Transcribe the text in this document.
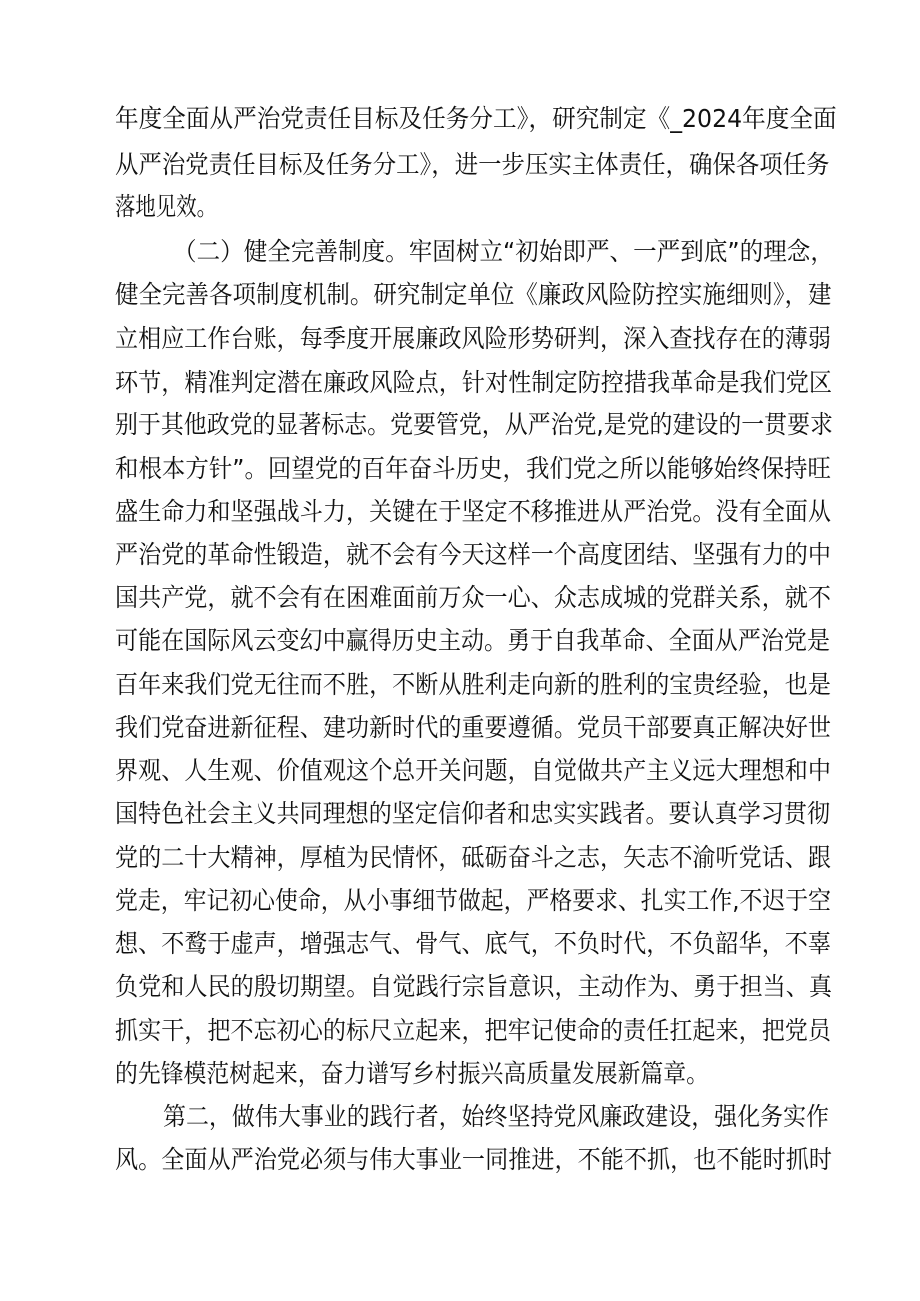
年度全面从严治党责任目标及任务分工》，研究制定《_2024年度全面

从严治党责任目标及任务分工》，进一步压实主体责任，确保各项任务

落地见效。

（二）健全完善制度。牢固树立“初始即严、一严到底”的理念，

健全完善各项制度机制。研究制定单位《廉政风险防控实施细则》，建

立相应工作台账，每季度开展廉政风险形势研判，深入查找存在的薄弱

环节，精准判定潜在廉政风险点，针对性制定防控措我革命是我们党区

别于其他政党的显著标志。党要管党，从严治党,是党的建设的一贯要求

和根本方针”。回望党的百年奋斗历史，我们党之所以能够始终保持旺

盛生命力和坚强战斗力，关键在于坚定不移推进从严治党。没有全面从

严治党的革命性锻造，就不会有今天这样一个高度团结、坚强有力的中

国共产党，就不会有在困难面前万众一心、众志成城的党群关系，就不

可能在国际风云变幻中赢得历史主动。勇于自我革命、全面从严治党是

百年来我们党无往而不胜，不断从胜利走向新的胜利的宝贵经验，也是

我们党奋进新征程、建功新时代的重要遵循。党员干部要真正解决好世

界观、人生观、价值观这个总开关问题，自觉做共产主义远大理想和中

国特色社会主义共同理想的坚定信仰者和忠实实践者。要认真学习贯彻

党的二十大精神，厚植为民情怀，砥砺奋斗之志，矢志不渝听党话、跟

党走，牢记初心使命，从小事细节做起，严格要求、扎实工作,不迟于空

想、不鹜于虚声，增强志气、骨气、底气，不负时代，不负韶华，不辜

负党和人民的殷切期望。自觉践行宗旨意识，主动作为、勇于担当、真

抓实干，把不忘初心的标尺立起来，把牢记使命的责任扛起来，把党员

的先锋模范树起来，奋力谱写乡村振兴高质量发展新篇章。

第二，做伟大事业的践行者，始终坚持党风廉政建设，强化务实作

风。全面从严治党必须与伟大事业一同推进，不能不抓，也不能时抓时
